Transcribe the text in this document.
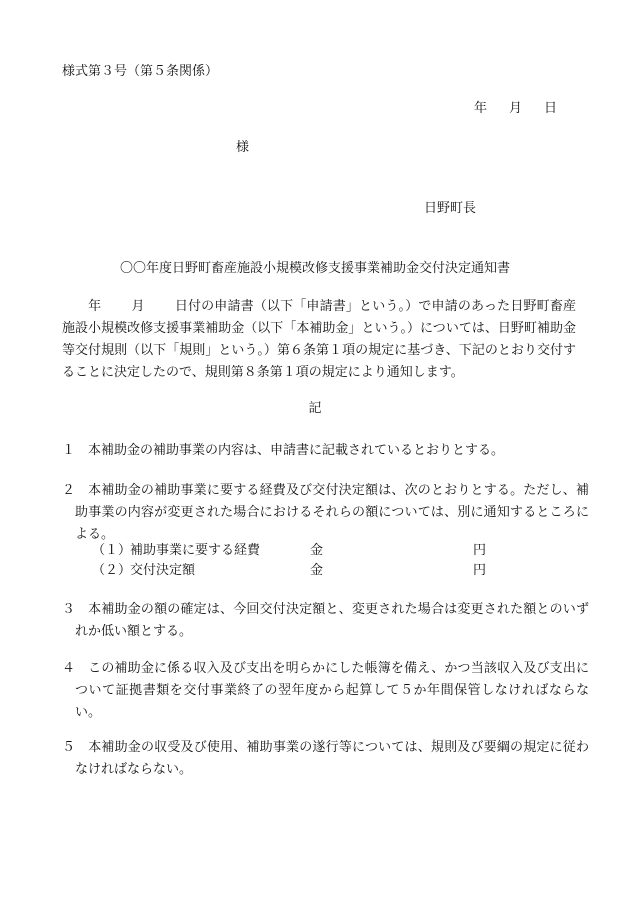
様式第３号（第５条関係）
年 月 日
様
日野町長
〇〇年度日野町畜産施設小規模改修支援事業補助金交付決定通知書
年 月 日付の申請書（以下「申請書」という。）で申請のあった日野町畜産施設小規模改修支援事業補助金（以下「本補助金」という。）については、日野町補助金等交付規則（以下「規則」という。）第６条第１項の規定に基づき、下記のとおり交付することに決定したので、規則第８条第１項の規定により通知します。
記
１ 本補助金の補助事業の内容は、申請書に記載されているとおりとする。
２ 本補助金の補助事業に要する経費及び交付決定額は、次のとおりとする。ただし、補助事業の内容が変更された場合におけるそれらの額については、別に通知するところによる。
（１）補助事業に要する経費	金	円
（２）交付決定額	金	円
３ 本補助金の額の確定は、今回交付決定額と、変更された場合は変更された額とのいずれか低い額とする。
４ この補助金に係る収入及び支出を明らかにした帳簿を備え、かつ当該収入及び支出について証拠書類を交付事業終了の翌年度から起算して５か年間保管しなければならない。
５ 本補助金の収受及び使用、補助事業の遂行等については、規則及び要綱の規定に従わなければならない。
